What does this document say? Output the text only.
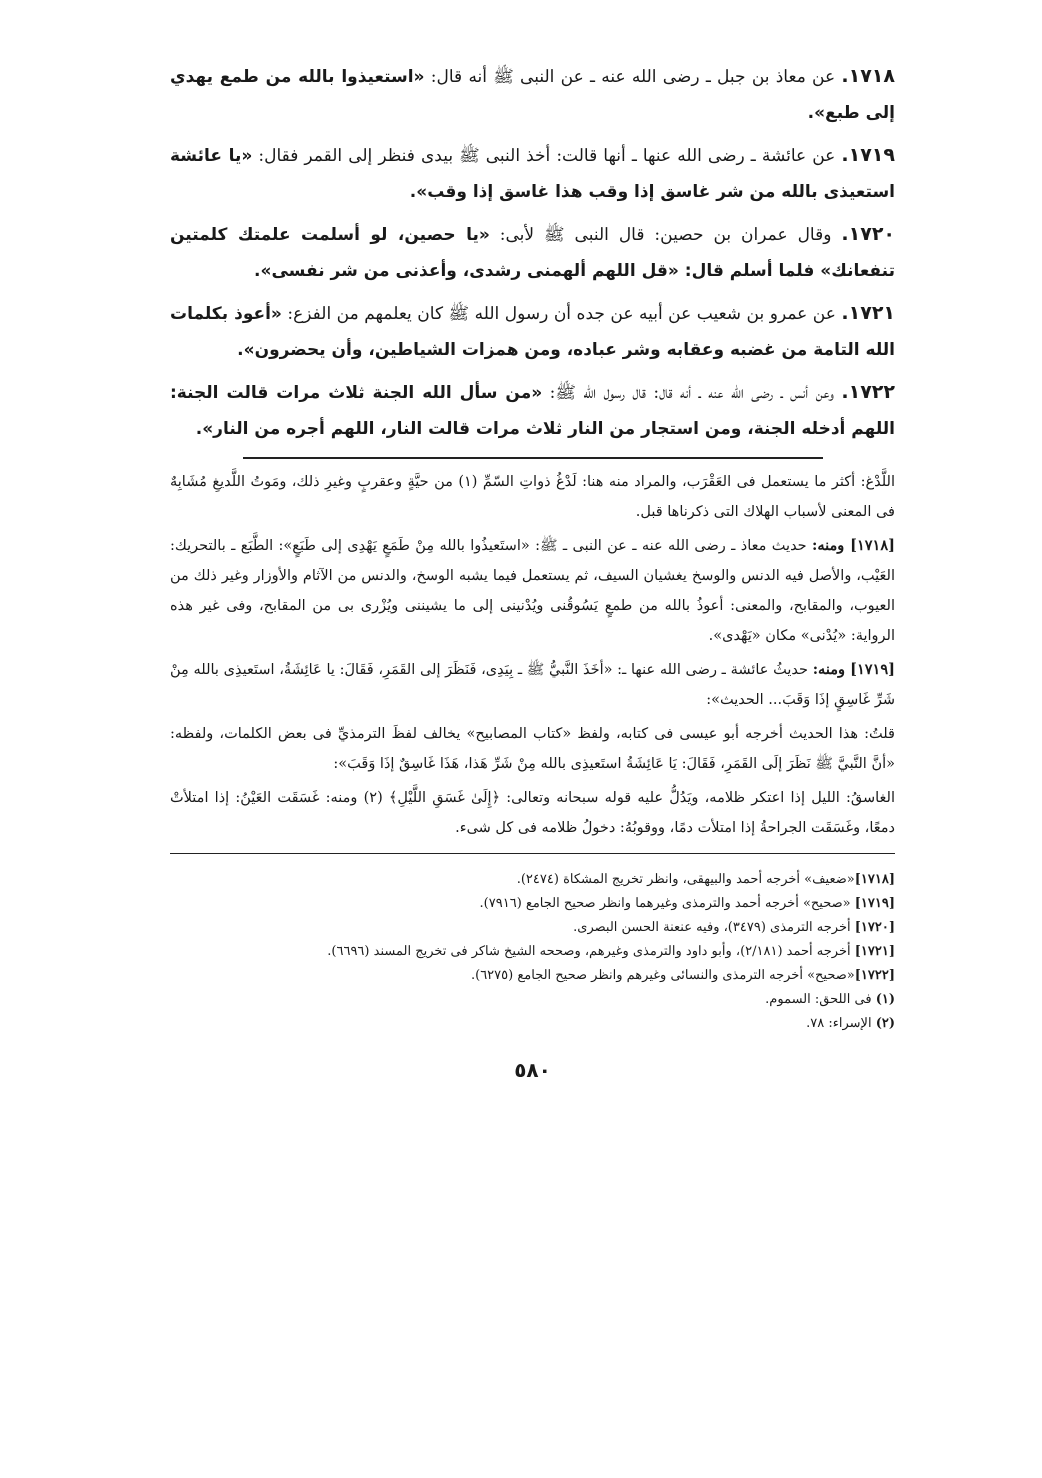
١٧١٨. عن معاذ بن جبل ـ رضى الله عنه ـ عن النبى ﷺ أنه قال: «استعيذوا بالله من طمع يهدي إلى طبع».

١٧١٩. عن عائشة ـ رضى الله عنها ـ أنها قالت: أخذ النبى ﷺ بيدى فنظر إلى القمر فقال: «يا عائشة استعيذى بالله من شر غاسق إذا وقب هذا غاسق إذا وقب».

١٧٢٠. وقال عمران بن حصين: قال النبى ﷺ لأبى: «يا حصين، لو أسلمت علمتك كلمتين تنفعانك» فلما أسلم قال: «قل اللهم ألهمنى رشدى، وأعذنى من شر نفسى».

١٧٢١. عن عمرو بن شعيب عن أبيه عن جده أن رسول الله ﷺ كان يعلمهم من الفزع: «أعوذ بكلمات الله التامة من غضبه وعقابه وشر عباده، ومن همزات الشياطين، وأن يحضرون».

١٧٢٢. وعن أنس ـ رضى الله عنه ـ أنه قال: قال رسول الله ﷺ: «من سأل الله الجنة ثلاث مرات قالت الجنة: اللهم أدخله الجنة، ومن استجار من النار ثلاث مرات قالت النار، اللهم أجره من النار».

اللَّدْغ: أكثر ما يستعمل فى العَقْرَب، والمراد منه هنا: لَدْغُ ذواتِ السّمِّ (١) من حيَّةٍ وعقربٍ وغيرِ ذلك، ومَوتُ اللَّديغِ مُشَابِهٌ فى المعنى لأسباب الهلاك التى ذكرناها قبل.

[١٧١٨] ومنه: حديث معاذ ـ رضى الله عنه ـ عن النبى ـ ﷺ: «استَعيذُوا بالله مِنْ طَمَعٍ يَهْدِى إلى طَبَعٍ»: الطَّبَع ـ بالتحريك: العَيْب، والأصل فيه الدنس والوسخ يغشيان السيف، ثم يستعمل فيما يشبه الوسخ، والدنس من الآثام والأوزار وغير ذلك من العيوب، والمقابح، والمعنى: أعوذُ بالله من طمعٍ يَسُوقُنى ويُدْنينى إلى ما يشيننى ويُزْرى بى من المقابح، وفى غير هذه الرواية: «يُدْنى» مكان «يَهْدى».

[١٧١٩] ومنه: حديثُ عائشة ـ رضى الله عنها ـ: «أخَذَ النَّبيُّ ﷺ ـ بِيَدِى، فَنَظَرَ إلى القَمَرِ، فَقَالَ: يا عَائِشَةُ، استَعيذِى بالله مِنْ شَرِّ غَاسِقٍ إذَا وَقَبَ... الحديث»:

قلتُ: هذا الحديث أخرجه أبو عيسى فى كتابه، ولفظ «كتاب المصابيح» يخالف لفظَ الترمذيِّ فى بعض الكلمات، ولفظه: «أنَّ النَّبيَّ ﷺ نَظَرَ إلَى القَمَرِ، فَقَالَ: يَا عَائِشَةُ استَعيذِى بالله مِنْ شَرِّ هَذا، هَذَا غَاسِقٌ إذَا وَقَبَ»:

الغاسقُ: الليل إذا اعتكر ظلامه، ويَدُلُّ عليه قوله سبحانه وتعالى: ﴿إِلَىٰ غَسَقِ اللَّيْلِ﴾ (٢) ومنه: غَسَقَت العَيْنُ: إذا امتلأتْ دمعًا، وغَسَقَت الجراحةُ إذا امتلأت دمًا، ووقوبُهُ: دخولُ ظلامه فى كل شىء.

[١٧١٨]«ضعيف» أخرجه أحمد والبيهقى، وانظر تخريج المشكاة (٢٤٧٤).

[١٧١٩] «صحيح» أخرجه أحمد والترمذى وغيرهما وانظر صحيح الجامع (٧٩١٦).

[١٧٢٠] أخرجه الترمذى (٣٤٧٩)، وفيه عنعنة الحسن البصرى.

[١٧٢١] أخرجه أحمد (٢/١٨١)، وأبو داود والترمذى وغيرهم، وصححه الشيخ شاكر فى تخريج المسند (٦٦٩٦).

[١٧٢٢]«صحيح» أخرجه الترمذى والنسائى وغيرهم وانظر صحيح الجامع (٦٢٧٥).

(١) فى اللحق: السموم.

(٢) الإسراء: ٧٨.

٥٨٠
